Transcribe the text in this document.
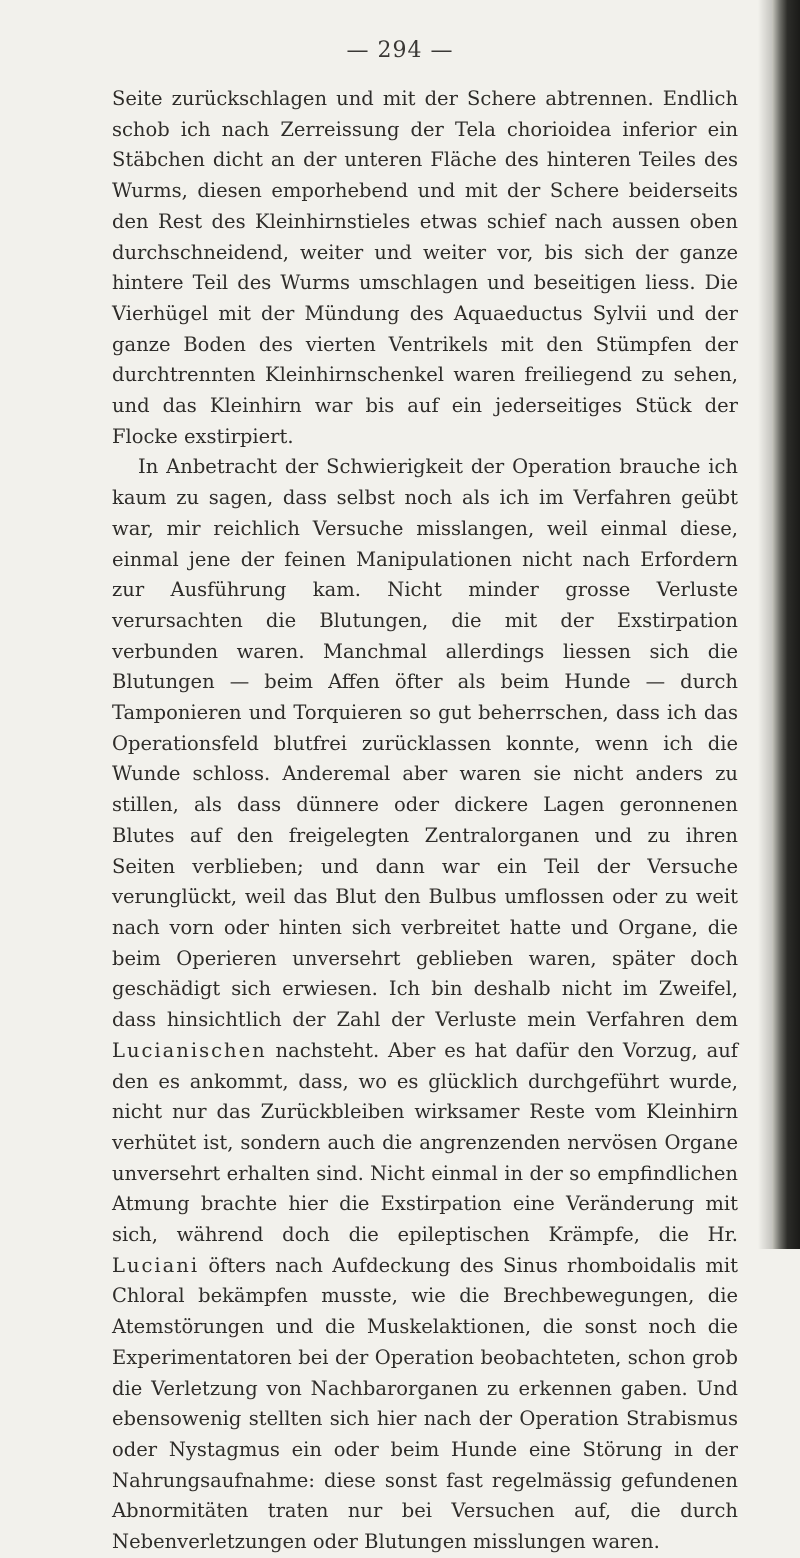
— 294 —

Seite zurückschlagen und mit der Schere abtrennen. Endlich schob ich nach Zerreissung der Tela chorioidea inferior ein Stäbchen dicht an der unteren Fläche des hinteren Teiles des Wurms, diesen emporhebend und mit der Schere beiderseits den Rest des Kleinhirnstieles etwas schief nach aussen oben durchschneidend, weiter und weiter vor, bis sich der ganze hintere Teil des Wurms umschlagen und beseitigen liess. Die Vierhügel mit der Mündung des Aquaeductus Sylvii und der ganze Boden des vierten Ventrikels mit den Stümpfen der durchtrennten Kleinhirnschenkel waren freiliegend zu sehen, und das Kleinhirn war bis auf ein jederseitiges Stück der Flocke exstirpiert.

In Anbetracht der Schwierigkeit der Operation brauche ich kaum zu sagen, dass selbst noch als ich im Verfahren geübt war, mir reichlich Versuche misslangen, weil einmal diese, einmal jene der feinen Manipulationen nicht nach Erfordern zur Ausführung kam. Nicht minder grosse Verluste verursachten die Blutungen, die mit der Exstirpation verbunden waren. Manchmal allerdings liessen sich die Blutungen — beim Affen öfter als beim Hunde — durch Tamponieren und Torquieren so gut beherrschen, dass ich das Operationsfeld blutfrei zurücklassen konnte, wenn ich die Wunde schloss. Anderemal aber waren sie nicht anders zu stillen, als dass dünnere oder dickere Lagen geronnenen Blutes auf den freigelegten Zentralorganen und zu ihren Seiten verblieben; und dann war ein Teil der Versuche verunglückt, weil das Blut den Bulbus umflossen oder zu weit nach vorn oder hinten sich verbreitet hatte und Organe, die beim Operieren unversehrt geblieben waren, später doch geschädigt sich erwiesen. Ich bin deshalb nicht im Zweifel, dass hinsichtlich der Zahl der Verluste mein Verfahren dem Lucianischen nachsteht. Aber es hat dafür den Vorzug, auf den es ankommt, dass, wo es glücklich durchgeführt wurde, nicht nur das Zurückbleiben wirksamer Reste vom Kleinhirn verhütet ist, sondern auch die angrenzenden nervösen Organe unversehrt erhalten sind. Nicht einmal in der so empfindlichen Atmung brachte hier die Exstirpation eine Veränderung mit sich, während doch die epileptischen Krämpfe, die Hr. Luciani öfters nach Aufdeckung des Sinus rhomboidalis mit Chloral bekämpfen musste, wie die Brechbewegungen, die Atemstörungen und die Muskelaktionen, die sonst noch die Experimentatoren bei der Operation beobachteten, schon grob die Verletzung von Nachbarorganen zu erkennen gaben. Und ebensowenig stellten sich hier nach der Operation Strabismus oder Nystagmus ein oder beim Hunde eine Störung in der Nahrungsaufnahme: diese sonst fast regelmässig gefundenen Abnormitäten traten nur bei Versuchen auf, die durch Nebenverletzungen oder Blutungen misslungen waren.
